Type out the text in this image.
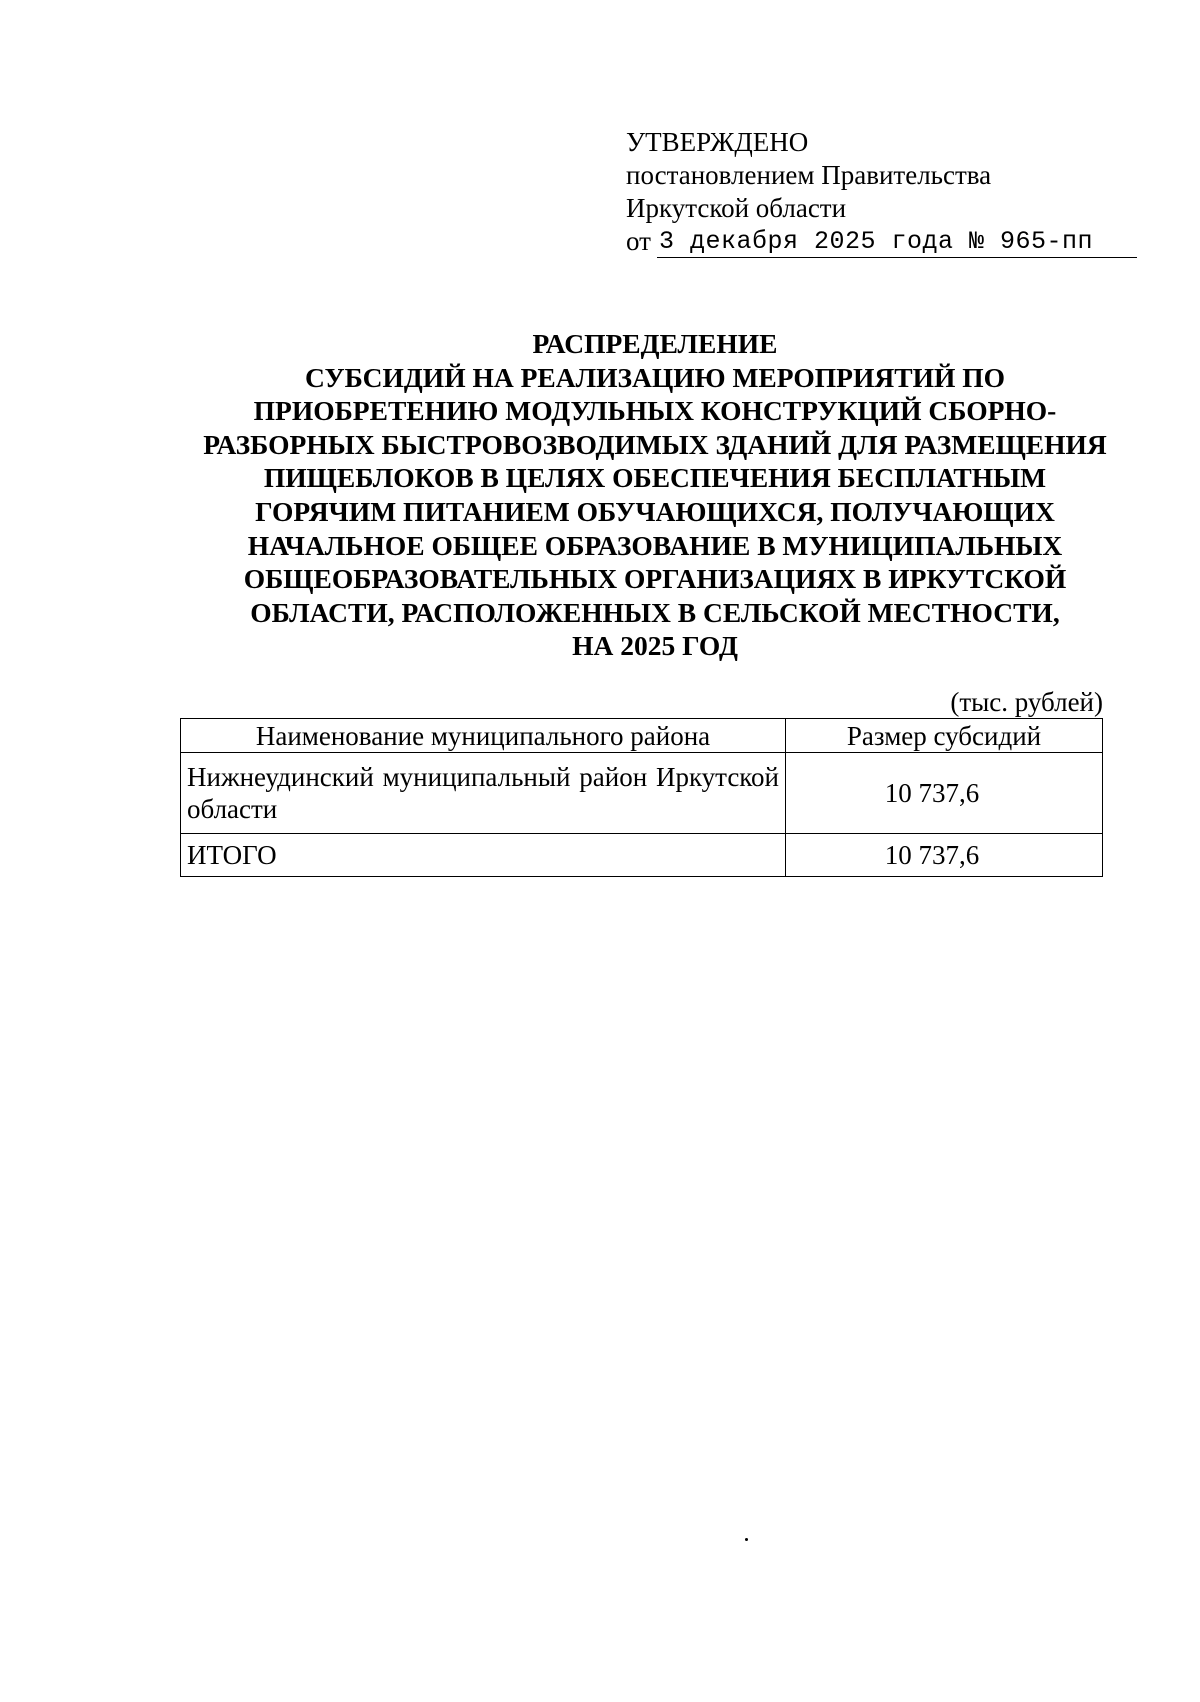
УТВЕРЖДЕНО
постановлением Правительства
Иркутской области
от 3 декабря 2025 года № 965-пп
РАСПРЕДЕЛЕНИЕ
СУБСИДИЙ НА РЕАЛИЗАЦИЮ МЕРОПРИЯТИЙ ПО
ПРИОБРЕТЕНИЮ МОДУЛЬНЫХ КОНСТРУКЦИЙ СБОРНО-
РАЗБОРНЫХ БЫСТРОВОЗВОДИМЫХ ЗДАНИЙ ДЛЯ РАЗМЕЩЕНИЯ
ПИЩЕБЛОКОВ В ЦЕЛЯХ ОБЕСПЕЧЕНИЯ БЕСПЛАТНЫМ
ГОРЯЧИМ ПИТАНИЕМ ОБУЧАЮЩИХСЯ, ПОЛУЧАЮЩИХ
НАЧАЛЬНОЕ ОБЩЕЕ ОБРАЗОВАНИЕ В МУНИЦИПАЛЬНЫХ
ОБЩЕОБРАЗОВАТЕЛЬНЫХ ОРГАНИЗАЦИЯХ В ИРКУТСКОЙ
ОБЛАСТИ, РАСПОЛОЖЕННЫХ В СЕЛЬСКОЙ МЕСТНОСТИ,
НА 2025 ГОД
(тыс. рублей)
Наименование муниципального района	Размер субсидий
Нижнеудинский муниципальный район Иркутской области	10 737,6
ИТОГО	10 737,6
